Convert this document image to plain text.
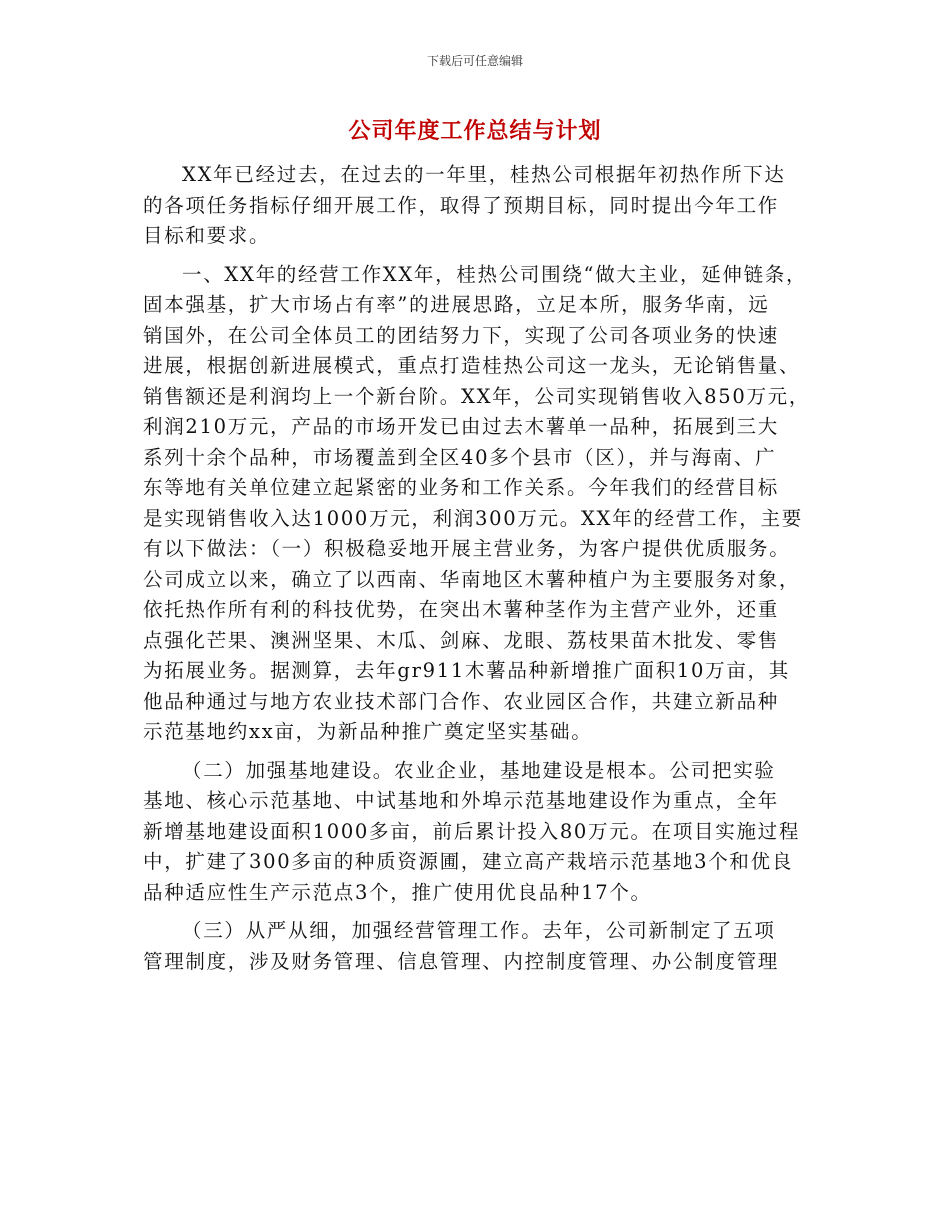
下载后可任意编辑
公司年度工作总结与计划
XX年已经过去，在过去的一年里，桂热公司根据年初热作所下达
的各项任务指标仔细开展工作，取得了预期目标，同时提出今年工作
目标和要求。
一、XX年的经营工作XX年，桂热公司围绕“做大主业，延伸链条，
固本强基，扩大市场占有率”的进展思路，立足本所，服务华南，远
销国外，在公司全体员工的团结努力下，实现了公司各项业务的快速
进展，根据创新进展模式，重点打造桂热公司这一龙头，无论销售量、
销售额还是利润均上一个新台阶。XX年，公司实现销售收入850万元，
利润210万元，产品的市场开发已由过去木薯单一品种，拓展到三大
系列十余个品种，市场覆盖到全区40多个县市（区），并与海南、广
东等地有关单位建立起紧密的业务和工作关系。今年我们的经营目标
是实现销售收入达1000万元，利润300万元。XX年的经营工作，主要
有以下做法：（一）积极稳妥地开展主营业务，为客户提供优质服务。
公司成立以来，确立了以西南、华南地区木薯种植户为主要服务对象，
依托热作所有利的科技优势，在突出木薯种茎作为主营产业外，还重
点强化芒果、澳洲坚果、木瓜、剑麻、龙眼、荔枝果苗木批发、零售
为拓展业务。据测算，去年gr911木薯品种新增推广面积10万亩，其
他品种通过与地方农业技术部门合作、农业园区合作，共建立新品种
示范基地约xx亩，为新品种推广奠定坚实基础。
（二）加强基地建设。农业企业，基地建设是根本。公司把实验
基地、核心示范基地、中试基地和外埠示范基地建设作为重点，全年
新增基地建设面积1000多亩，前后累计投入80万元。在项目实施过程
中，扩建了300多亩的种质资源圃，建立高产栽培示范基地3个和优良
品种适应性生产示范点3个，推广使用优良品种17个。
（三）从严从细，加强经营管理工作。去年，公司新制定了五项
管理制度，涉及财务管理、信息管理、内控制度管理、办公制度管理
